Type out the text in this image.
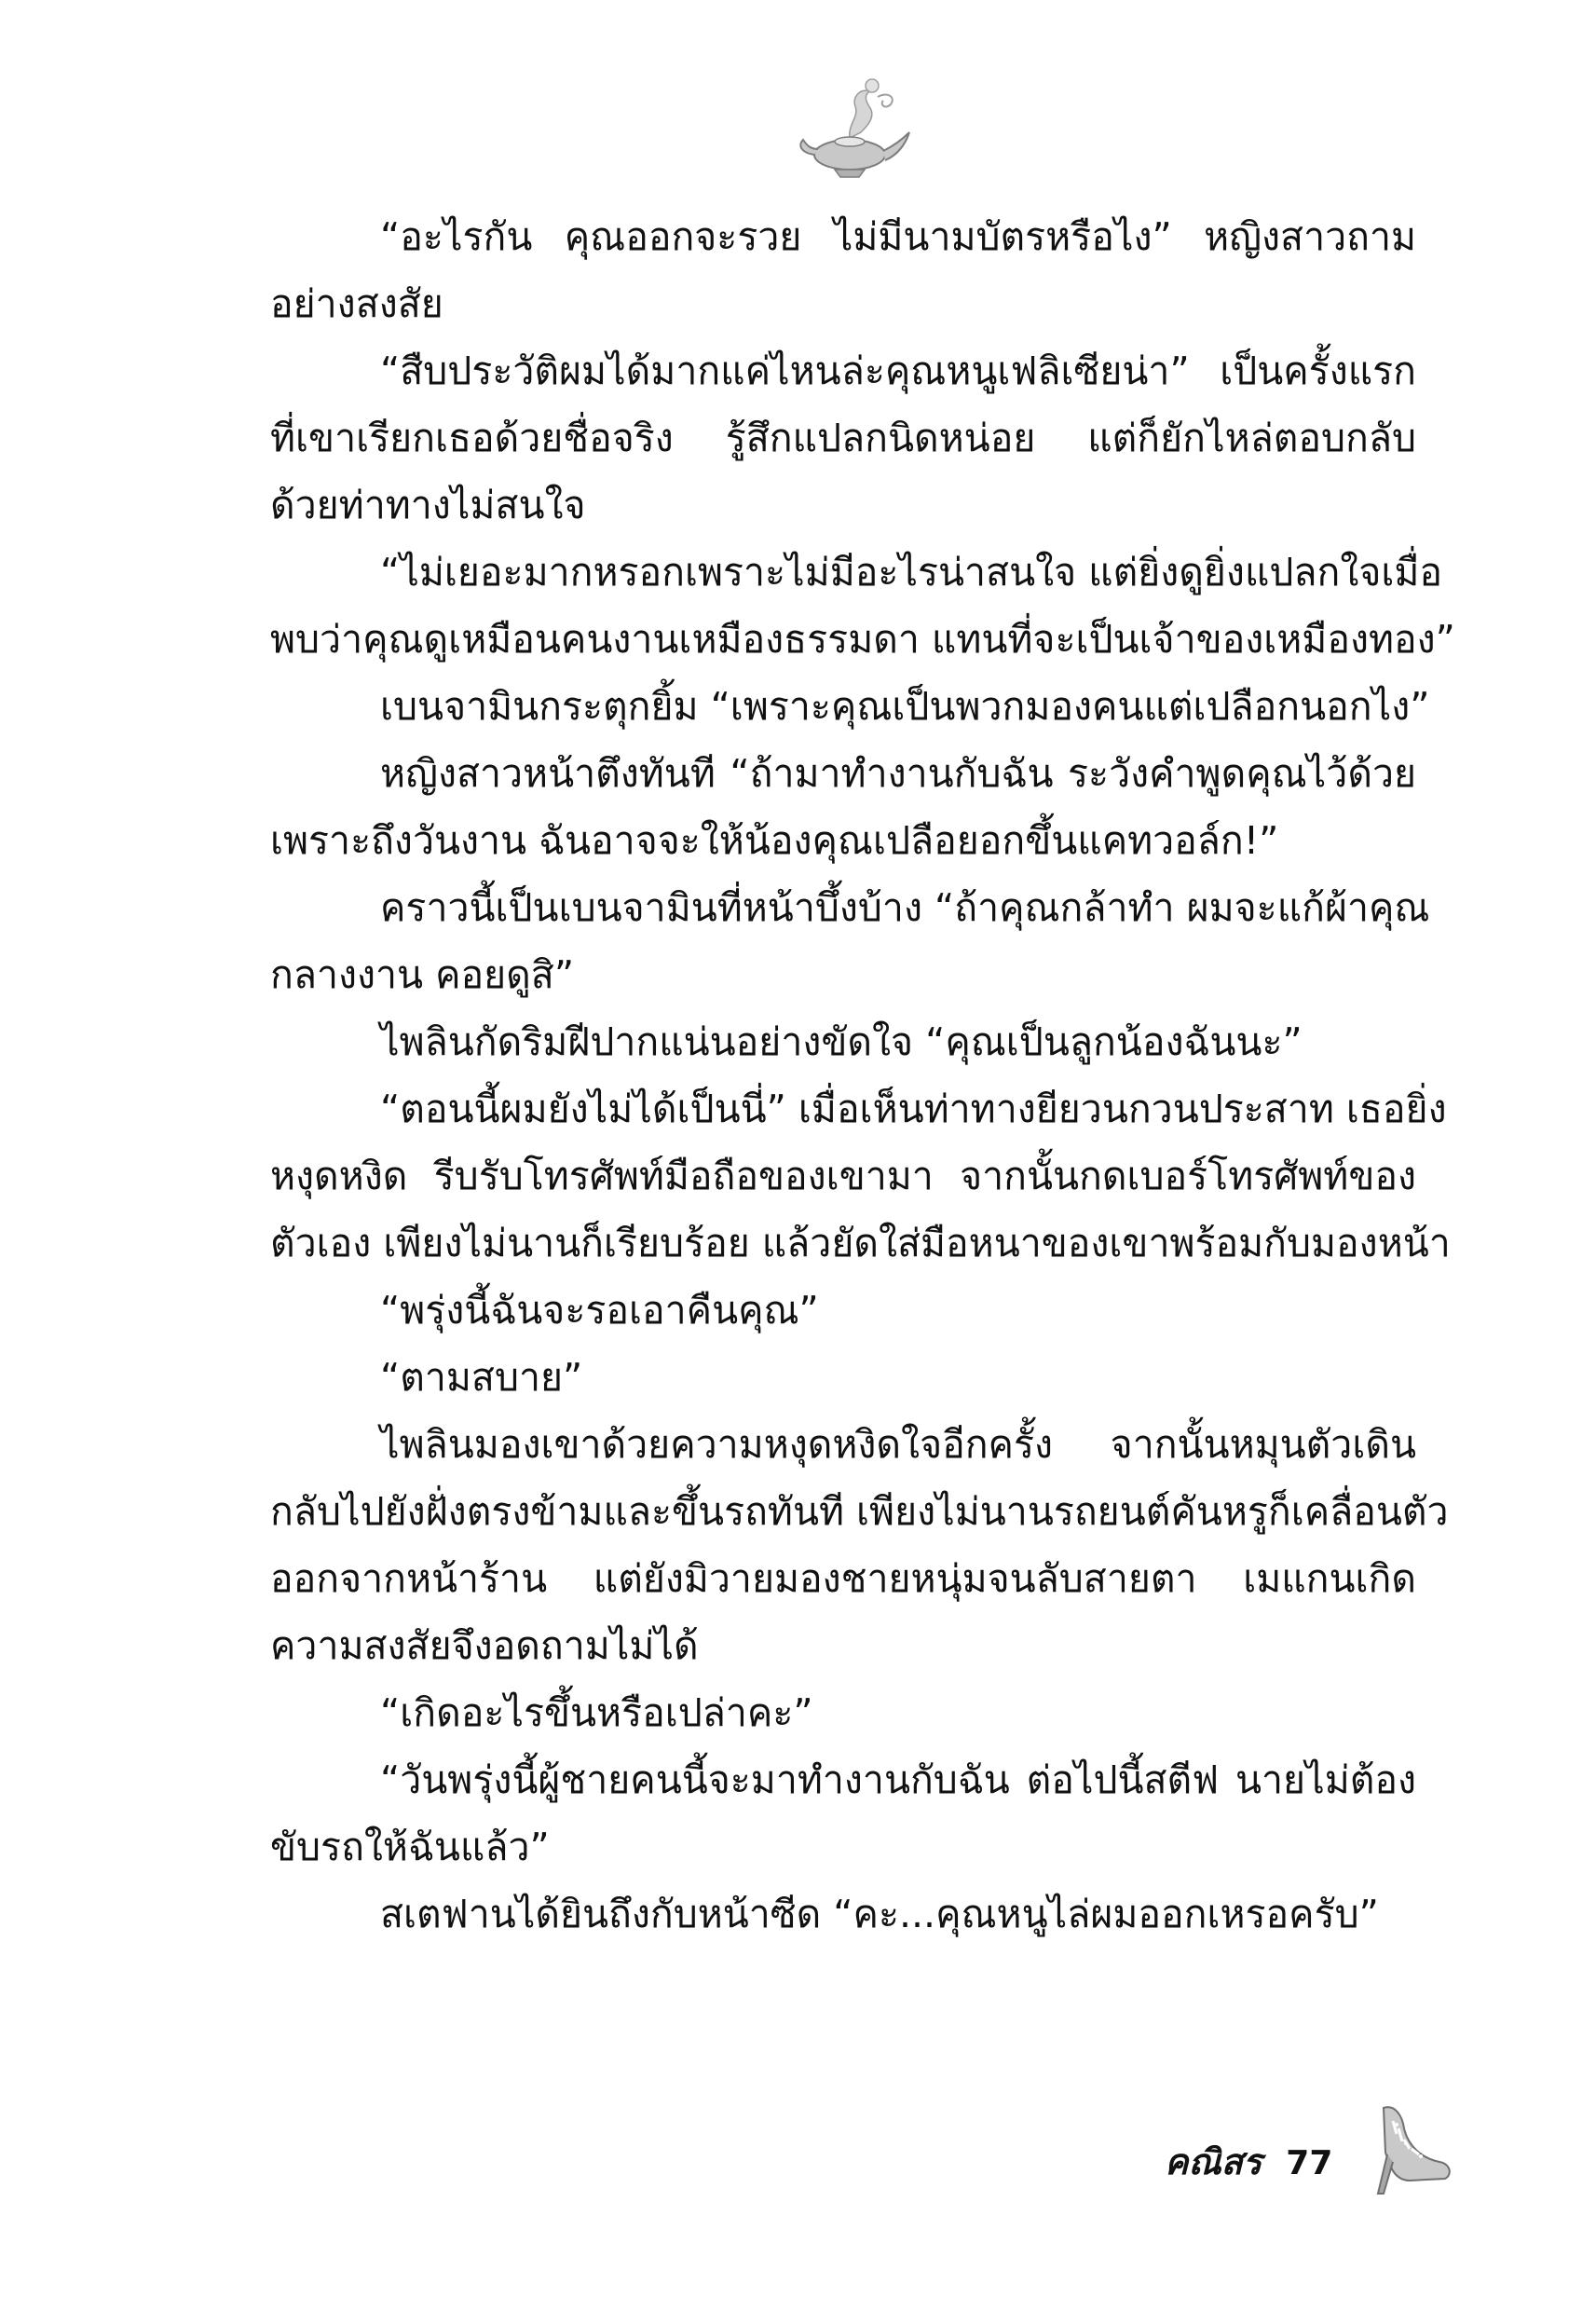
“อะไรกัน คุณออกจะรวย ไม่มีนามบัตรหรือไง” หญิงสาวถาม
อย่างสงสัย
“สืบประวัติผมได้มากแค่ไหนล่ะคุณหนูเฟลิเซียน่า” เป็นครั้งแรก
ที่เขาเรียกเธอด้วยชื่อจริง รู้สึกแปลกนิดหน่อย แต่ก็ยักไหล่ตอบกลับ
ด้วยท่าทางไม่สนใจ
“ไม่เยอะมากหรอกเพราะไม่มีอะไรน่าสนใจ แต่ยิ่งดูยิ่งแปลกใจเมื่อ
พบว่าคุณดูเหมือนคนงานเหมืองธรรมดา แทนที่จะเป็นเจ้าของเหมืองทอง”
เบนจามินกระตุกยิ้ม “เพราะคุณเป็นพวกมองคนแต่เปลือกนอกไง”
หญิงสาวหน้าตึงทันที “ถ้ามาทำงานกับฉัน ระวังคำพูดคุณไว้ด้วย
เพราะถึงวันงาน ฉันอาจจะให้น้องคุณเปลือยอกขึ้นแคทวอล์ก!”
คราวนี้เป็นเบนจามินที่หน้าบึ้งบ้าง “ถ้าคุณกล้าทำ ผมจะแก้ผ้าคุณ
กลางงาน คอยดูสิ”
ไพลินกัดริมฝีปากแน่นอย่างขัดใจ “คุณเป็นลูกน้องฉันนะ”
“ตอนนี้ผมยังไม่ได้เป็นนี่” เมื่อเห็นท่าทางยียวนกวนประสาท เธอยิ่ง
หงุดหงิด รีบรับโทรศัพท์มือถือของเขามา จากนั้นกดเบอร์โทรศัพท์ของ
ตัวเอง เพียงไม่นานก็เรียบร้อย แล้วยัดใส่มือหนาของเขาพร้อมกับมองหน้า
“พรุ่งนี้ฉันจะรอเอาคืนคุณ”
“ตามสบาย”
ไพลินมองเขาด้วยความหงุดหงิดใจอีกครั้ง จากนั้นหมุนตัวเดิน
กลับไปยังฝั่งตรงข้ามและขึ้นรถทันที เพียงไม่นานรถยนต์คันหรูก็เคลื่อนตัว
ออกจากหน้าร้าน แต่ยังมิวายมองชายหนุ่มจนลับสายตา เมแกนเกิด
ความสงสัยจึงอดถามไม่ได้
“เกิดอะไรขึ้นหรือเปล่าคะ”
“วันพรุ่งนี้ผู้ชายคนนี้จะมาทำงานกับฉัน ต่อไปนี้สตีฟ นายไม่ต้อง
ขับรถให้ฉันแล้ว”
สเตฟานได้ยินถึงกับหน้าซีด “คะ...คุณหนูไล่ผมออกเหรอครับ”
คณิสร 77
